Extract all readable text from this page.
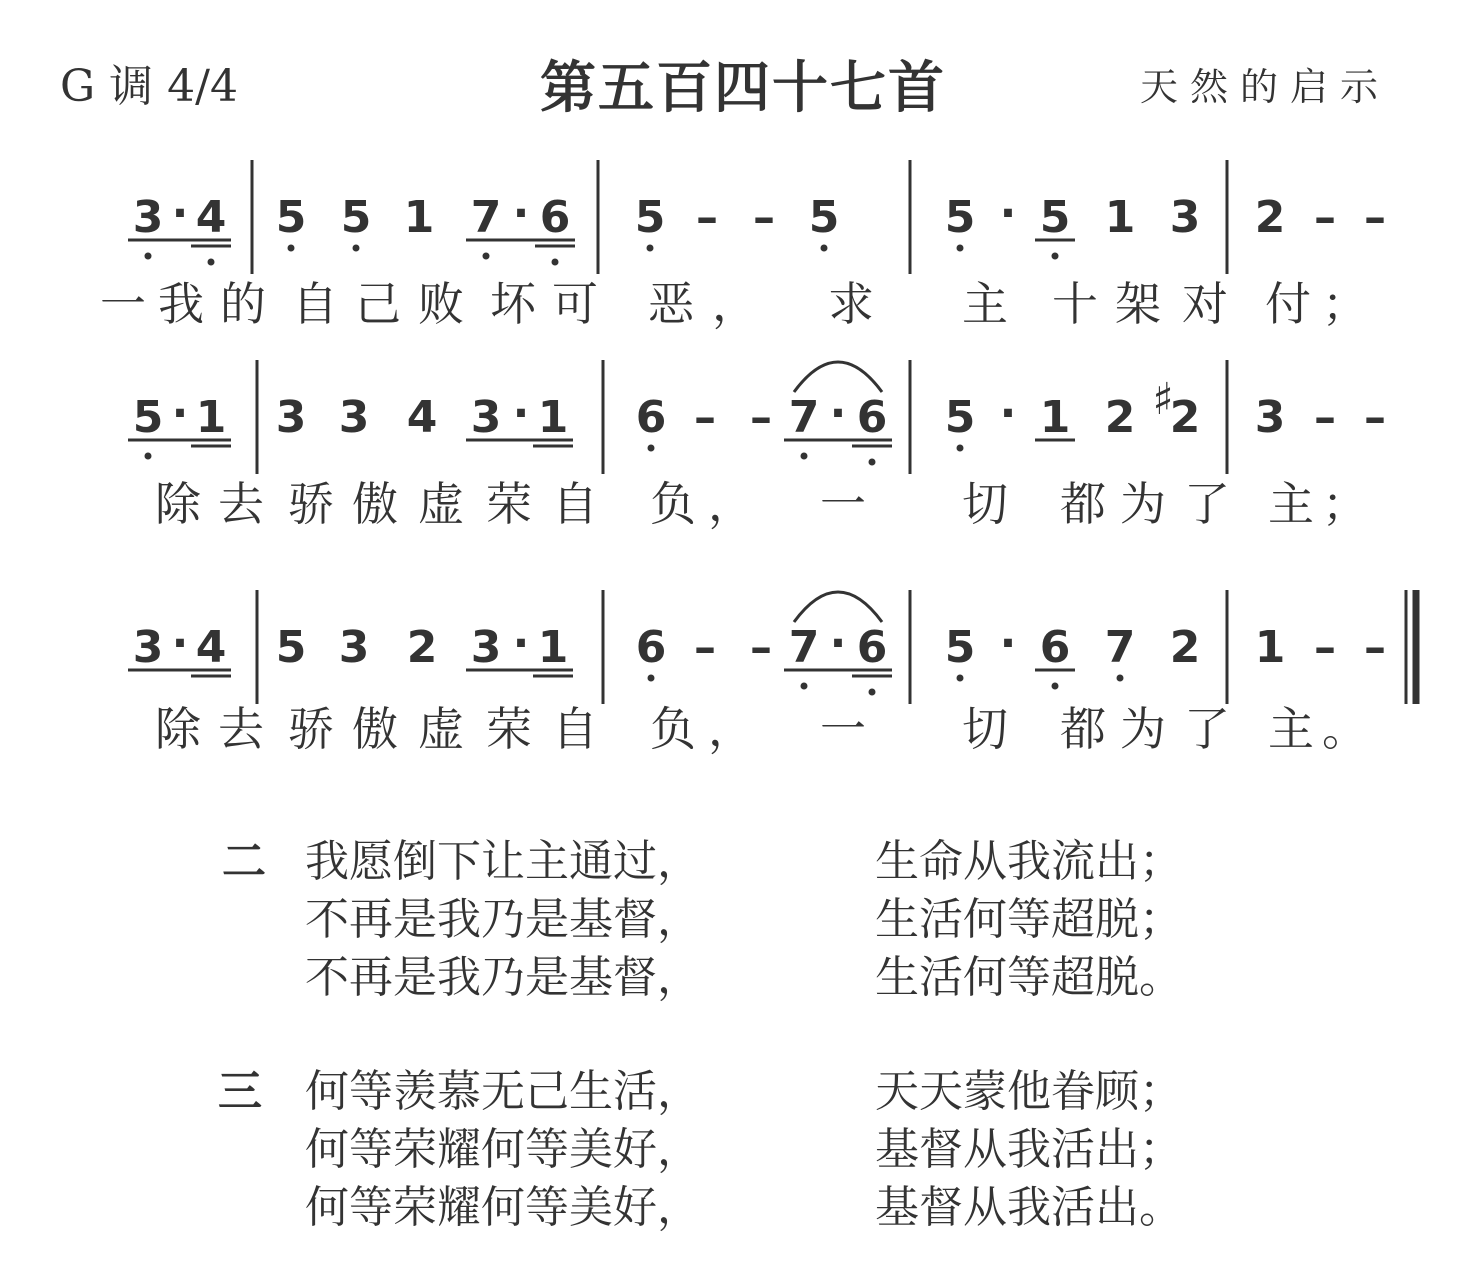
G 调 4/4	第五百四十七首	天然的启示
3 · 4 5 5 1 7 · 6 5 – – 5 5 · 5 1 3 2 – –
一 我 的 自 己 败 坏 可 恶 ， 求 主 十 架 对 付 ；
5 · 1 3 3 4 3 · 1 6 – – 7 · 6 5 · 1 2 2
♯ 3 – –
除 去 骄 傲 虚 荣 自 负 ， 一 切 都 为 了 主 ；
3 · 4 5 3 2 3 · 1 6 – – 7 · 6 5 · 6 7 2 1 – –
除 去 骄 傲 虚 荣 自 负 ， 一 切 都 为 了 主 。
二 我愿倒下让主通过，	生命从我流出；
不再是我乃是基督，	生活何等超脱；
不再是我乃是基督，	生活何等超脱。
三 何等羡慕无己生活，	天天蒙他眷顾；
何等荣耀何等美好，	基督从我活出；
何等荣耀何等美好，	基督从我活出。
